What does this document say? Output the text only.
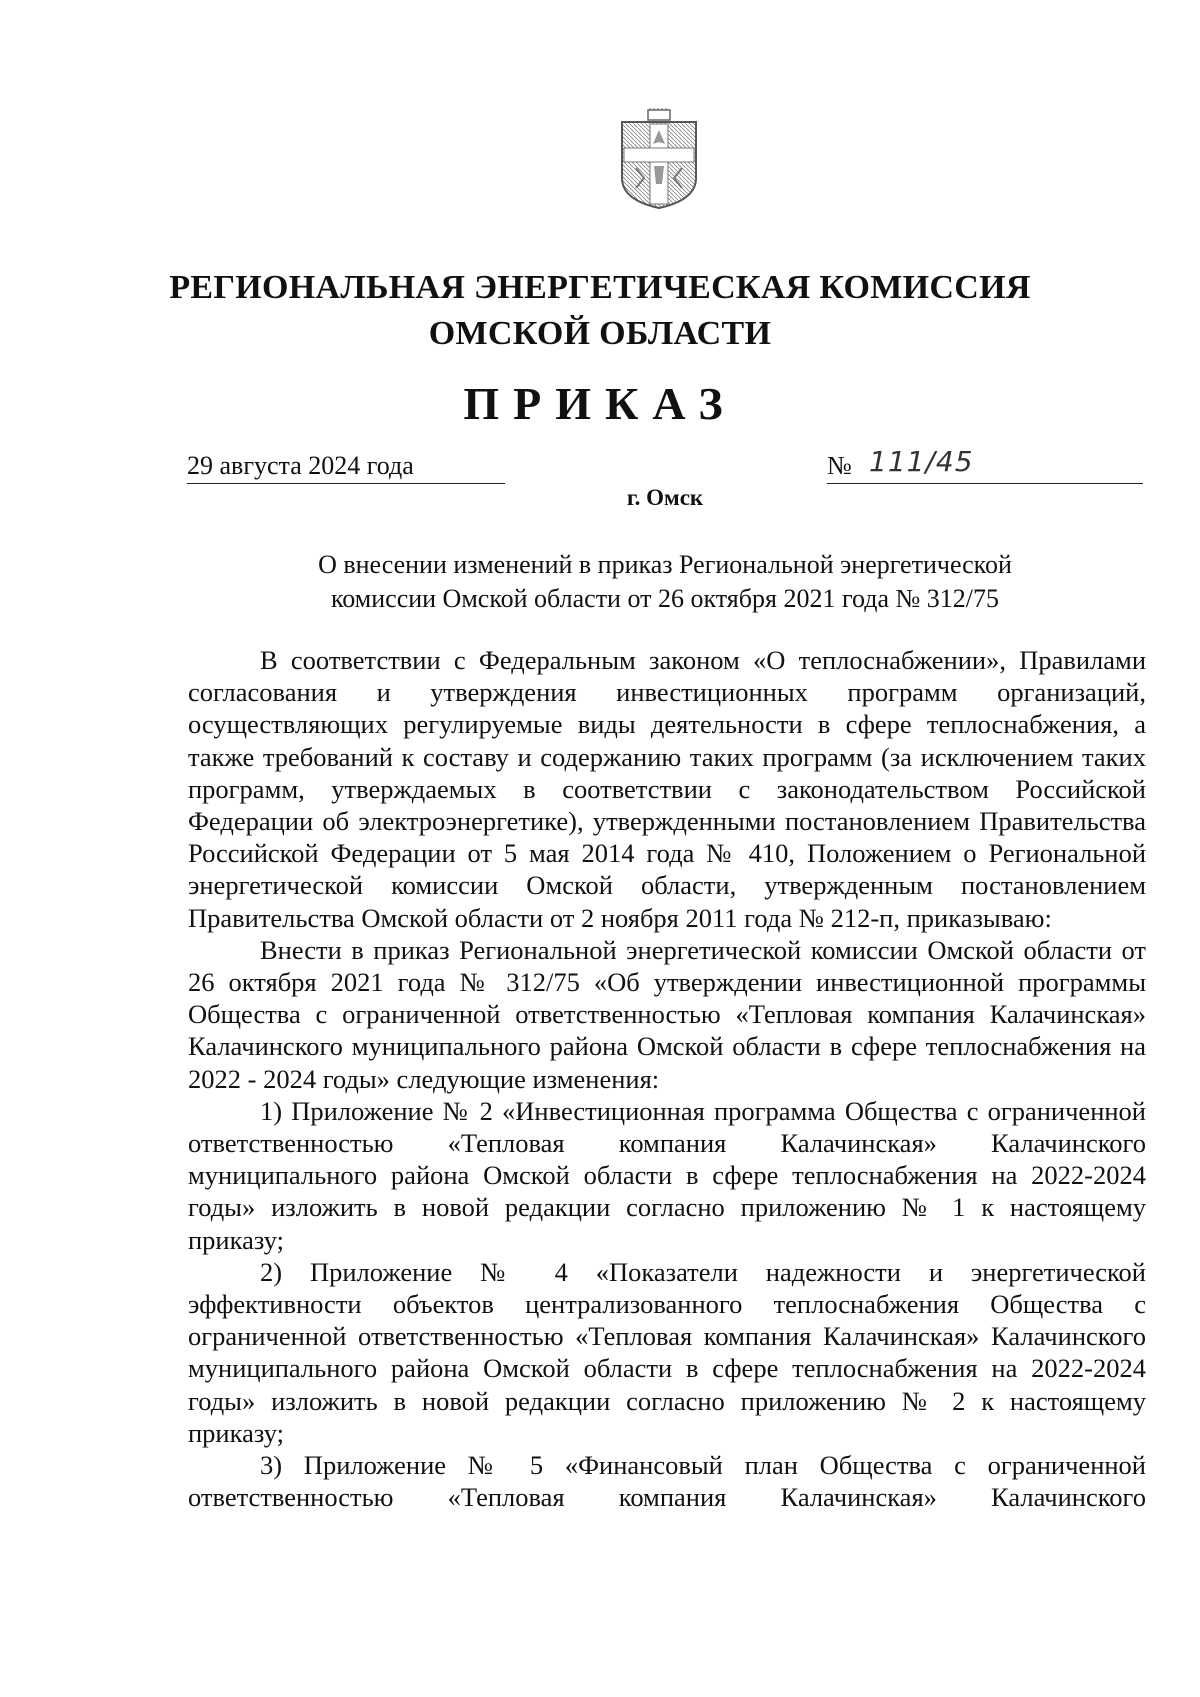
РЕГИОНАЛЬНАЯ ЭНЕРГЕТИЧЕСКАЯ КОМИССИЯ
ОМСКОЙ ОБЛАСТИ
ПРИКАЗ
29 августа 2024 года	№ 111/45
г. Омск
О внесении изменений в приказ Региональной энергетической
комиссии Омской области от 26 октября 2021 года № 312/75

В соответствии с Федеральным законом «О теплоснабжении», Правилами согласования и утверждения инвестиционных программ организаций, осуществляющих регулируемые виды деятельности в сфере теплоснабжения, а также требований к составу и содержанию таких программ (за исключением таких программ, утверждаемых в соответствии с законодательством Российской Федерации об электроэнергетике), утвержденными постановлением Правительства Российской Федерации от 5 мая 2014 года № 410, Положением о Региональной энергетической комиссии Омской области, утвержденным постановлением Правительства Омской области от 2 ноября 2011 года № 212-п, приказываю:

Внести в приказ Региональной энергетической комиссии Омской области от 26 октября 2021 года № 312/75 «Об утверждении инвестиционной программы Общества с ограниченной ответственностью «Тепловая компания Калачинская» Калачинского муниципального района Омской области в сфере теплоснабжения на 2022 - 2024 годы» следующие изменения:

1) Приложение № 2 «Инвестиционная программа Общества с ограниченной ответственностью «Тепловая компания Калачинская» Калачинского муниципального района Омской области в сфере теплоснабжения на 2022-2024 годы» изложить в новой редакции согласно приложению № 1 к настоящему приказу;

2) Приложение № 4 «Показатели надежности и энергетической эффективности объектов централизованного теплоснабжения Общества с ограниченной ответственностью «Тепловая компания Калачинская» Калачинского муниципального района Омской области в сфере теплоснабжения на 2022-2024 годы» изложить в новой редакции согласно приложению № 2 к настоящему приказу;

3) Приложение № 5 «Финансовый план Общества с ограниченной ответственностью «Тепловая компания Калачинская» Калачинского
